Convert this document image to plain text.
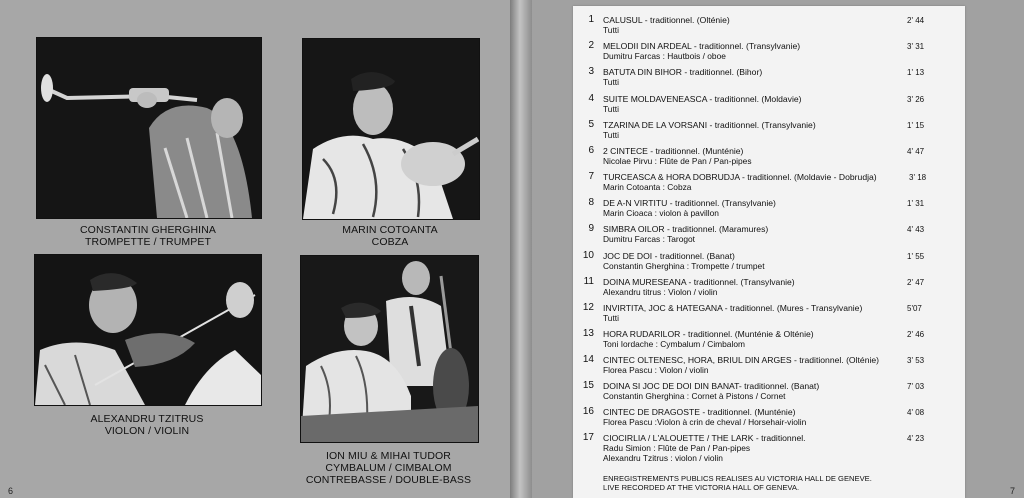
CONSTANTIN GHERGHINA
TROMPETTE / TRUMPET
MARIN COTOANTA
COBZA
ALEXANDRU TZITRUS
VIOLON / VIOLIN
ION MIU & MIHAI TUDOR
CYMBALUM / CIMBALOM
CONTREBASSE / DOUBLE-BASS
6	7
1 CALUSUL - traditionnel. (Olténie)	2' 44
Tutti
2 MELODII DIN ARDEAL - traditionnel. (Transylvanie)	3' 31
Dumitru Farcas : Hautbois / oboe
3 BATUTA DIN BIHOR - traditionnel. (Bihor)	1' 13
Tutti
4 SUITE MOLDAVENEASCA - traditionnel. (Moldavie)	3' 26
Tutti
5 TZARINA DE LA VORSANI - traditionnel. (Transylvanie)	1' 15
Tutti
6 2 CINTECE - traditionnel. (Munténie)	4' 47
Nicolae Pirvu : Flûte de Pan / Pan-pipes
7 TURCEASCA & HORA DOBRUDJA - traditionnel. (Moldavie - Dobrudja)	3' 18
Marin Cotoanta : Cobza
8 DE A-N VIRTITU - traditionnel. (Transylvanie)	1' 31
Marin Cioaca : violon à pavillon
9 SIMBRA OILOR - traditionnel. (Maramures)	4' 43
Dumitru Farcas : Tarogot
10 JOC DE DOI - traditionnel. (Banat)	1' 55
Constantin Gherghina : Trompette / trumpet
11 DOINA MURESEANA - traditionnel. (Transylvanie)	2' 47
Alexandru titrus : Violon / violin
12 INVIRTITA, JOC & HATEGANA - traditionnel. (Mures - Transylvanie)	5'07
Tutti
13 HORA RUDARILOR - traditionnel. (Munténie & Olténie)	2' 46
Toni Iordache : Cymbalum / Cimbalom
14 CINTEC OLTENESC, HORA, BRIUL DIN ARGES - traditionnel. (Olténie)	3' 53
Florea Pascu : Violon / violin
15 DOINA SI JOC DE DOI DIN BANAT- traditionnel. (Banat)	7' 03
Constantin Gherghina : Cornet à Pistons / Cornet
16 CINTEC DE DRAGOSTE - traditionnel. (Munténie)	4' 08
Florea Pascu :Violon à crin de cheval / Horsehair-violin
17 CIOCIRLIA / L'ALOUETTE / THE LARK - traditionnel.	4' 23
Radu Simion : Flûte de Pan / Pan-pipes
Alexandru Tzitrus : violon / violin
ENREGISTREMENTS PUBLICS REALISES AU VICTORIA HALL DE GENEVE.
LIVE RECORDED AT THE VICTORIA HALL OF GENEVA.
